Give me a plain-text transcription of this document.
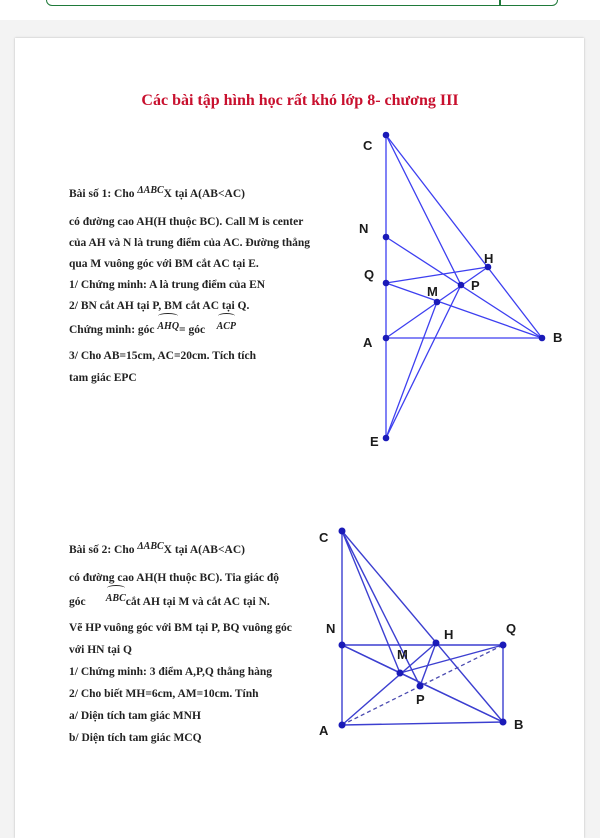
Các bài tập hình học rất khó lớp 8- chương III
Bài số 1: Cho ΔABCX tại A(AB<AC)
có đường cao AH(H thuộc BC). Call M is center
của AH và N là trung điểm của AC. Đường thẳng
qua M vuông góc với BM cắt AC tại E.
1/ Chứng minh: A là trung điểm của EN
2/ BN cắt AH tại P, BM cắt AC tại Q.
Chứng minh: góc AHQ= góc ACP
3/ Cho AB=15cm, AC=20cm. Tích tích
tam giác EPC
Bài số 2: Cho ΔABCX tại A(AB<AC)
có đường cao AH(H thuộc BC). Tia giác độ
góc       ABCcắt AH tại M và cắt AC tại N.
Vẽ HP vuông góc với BM tại P, BQ vuông góc
với HN tại Q
1/ Chứng minh: 3 điểm A,P,Q thẳng hàng
2/ Cho biết MH=6cm, AM=10cm. Tính
a/ Diện tích tam giác MNH
b/ Diện tích tam giác MCQ
C
N
Q
A
E
H
M	P
B
C
N
A
M
H	Q
P
B
